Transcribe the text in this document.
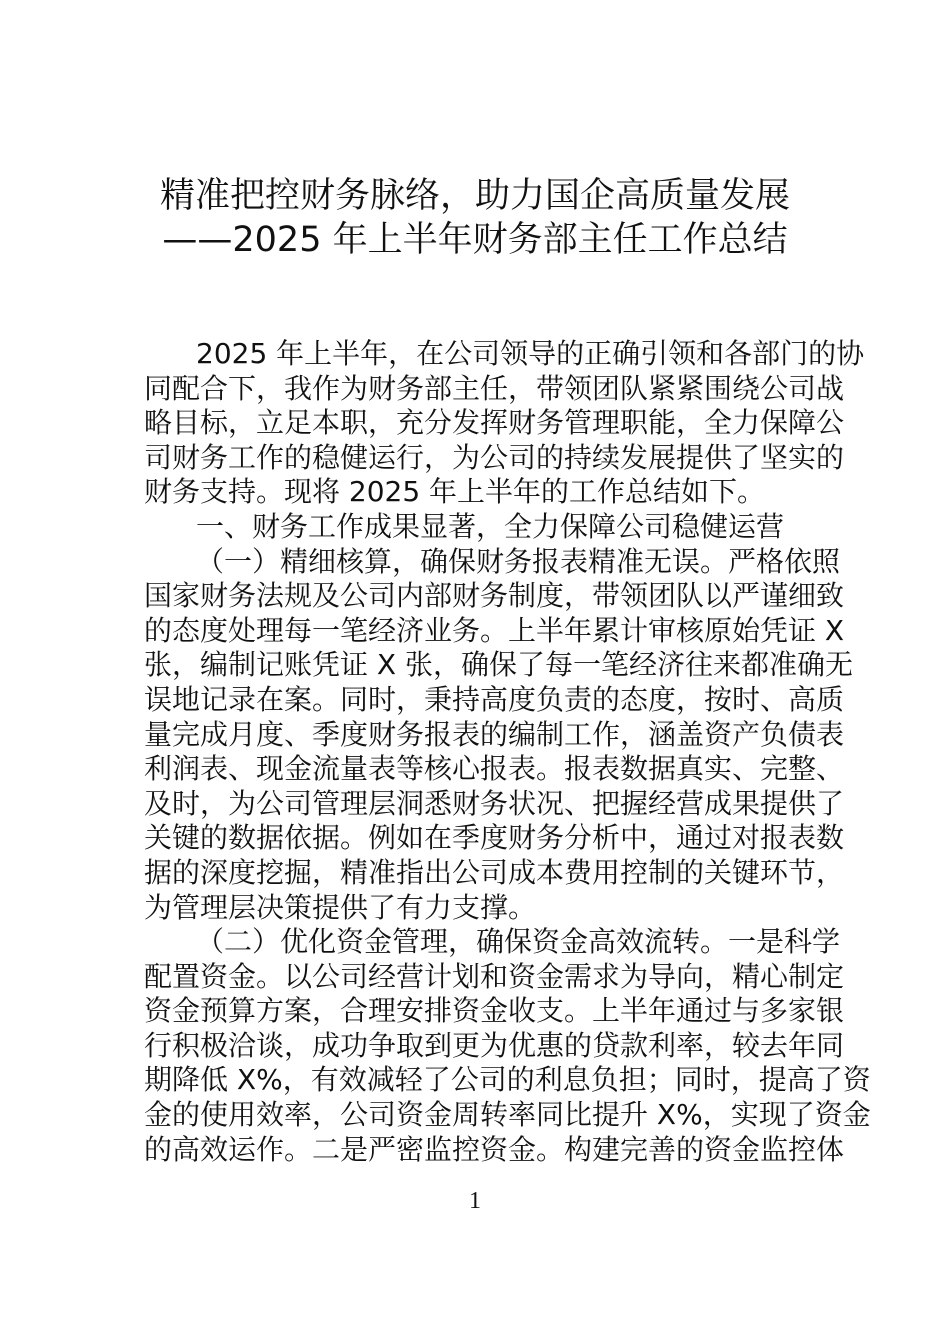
精准把控财务脉络，助力国企高质量发展
——2025 年上半年财务部主任工作总结
2025 年上半年，在公司领导的正确引领和各部门的协
同配合下，我作为财务部主任，带领团队紧紧围绕公司战
略目标，立足本职，充分发挥财务管理职能，全力保障公
司财务工作的稳健运行，为公司的持续发展提供了坚实的
财务支持。现将 2025 年上半年的工作总结如下。
一、财务工作成果显著，全力保障公司稳健运营
（一）精细核算，确保财务报表精准无误。严格依照
国家财务法规及公司内部财务制度，带领团队以严谨细致
的态度处理每一笔经济业务。上半年累计审核原始凭证 X
张，编制记账凭证 X 张，确保了每一笔经济往来都准确无
误地记录在案。同时，秉持高度负责的态度，按时、高质
量完成月度、季度财务报表的编制工作，涵盖资产负债表
利润表、现金流量表等核心报表。报表数据真实、完整、
及时，为公司管理层洞悉财务状况、把握经营成果提供了
关键的数据依据。例如在季度财务分析中，通过对报表数
据的深度挖掘，精准指出公司成本费用控制的关键环节，
为管理层决策提供了有力支撑。
（二）优化资金管理，确保资金高效流转。一是科学
配置资金。以公司经营计划和资金需求为导向，精心制定
资金预算方案，合理安排资金收支。上半年通过与多家银
行积极洽谈，成功争取到更为优惠的贷款利率，较去年同
期降低 X%，有效减轻了公司的利息负担；同时，提高了资
金的使用效率，公司资金周转率同比提升 X%，实现了资金
的高效运作。二是严密监控资金。构建完善的资金监控体
1
